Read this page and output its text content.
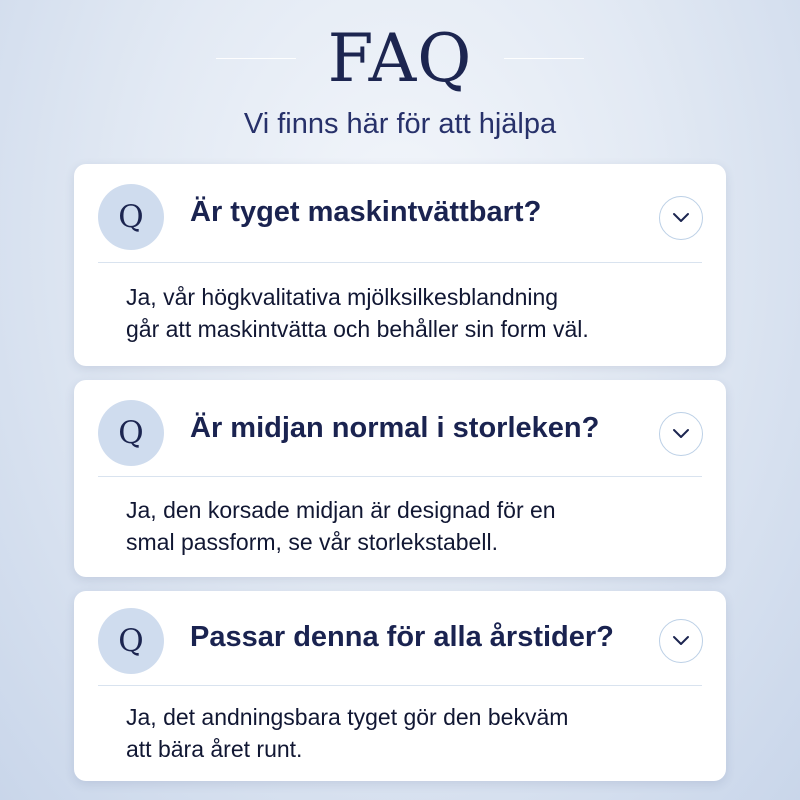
FAQ
Vi finns här för att hjälpa
Q	Är tyget maskintvättbart?
Ja, vår högkvalitativa mjölksilkesblandning
går att maskintvätta och behåller sin form väl.
Q	Är midjan normal i storleken?
Ja, den korsade midjan är designad för en
smal passform, se vår storlekstabell.
Q	Passar denna för alla årstider?
Ja, det andningsbara tyget gör den bekväm
att bära året runt.
